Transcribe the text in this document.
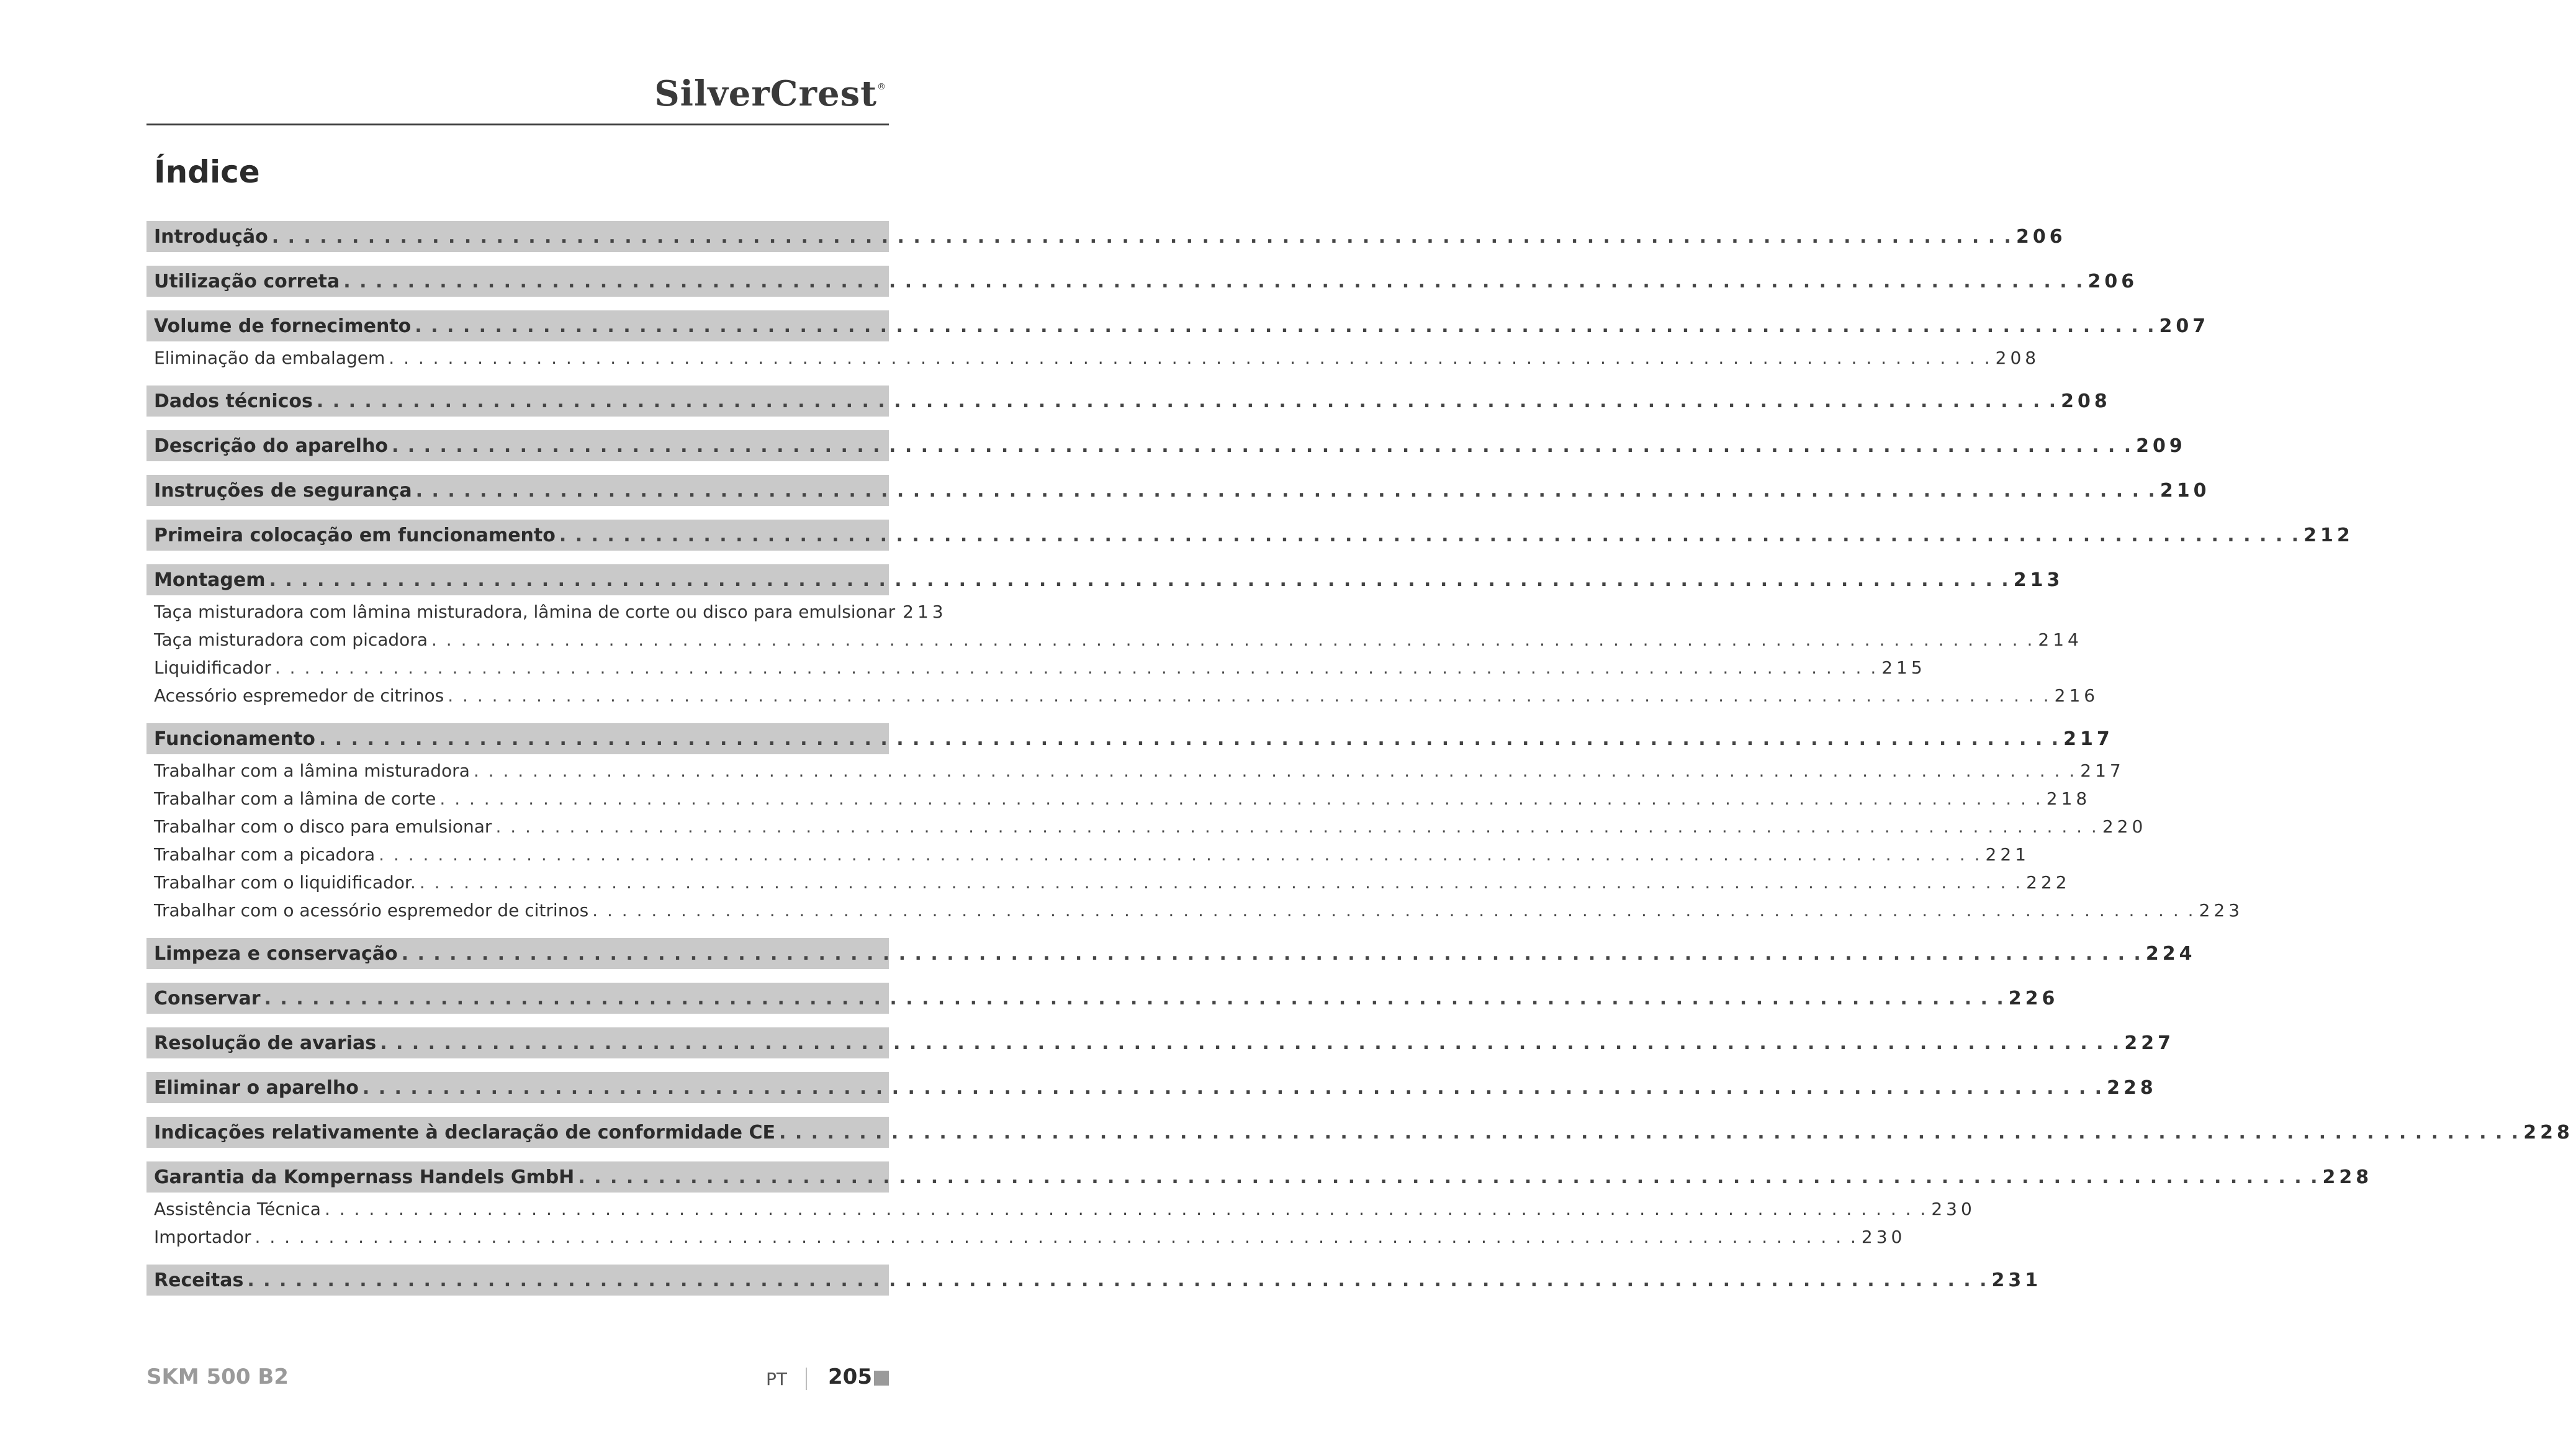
SilverCrest®
Índice
Introdução . . .	206
Utilização correta . . .	206
Volume de fornecimento . . .	207
Eliminação da embalagem . . .	208
Dados técnicos . . .	208
Descrição do aparelho . . .	209
Instruções de segurança . . .	210
Primeira colocação em funcionamento . . .	212
Montagem . . .	213
Taça misturadora com lâmina misturadora, lâmina de corte ou disco para emulsionar 213
Taça misturadora com picadora . . .	214
Liquidificador . . .	215
Acessório espremedor de citrinos . . .	216
Funcionamento . . .	217
Trabalhar com a lâmina misturadora . . .	217
Trabalhar com a lâmina de corte . . .	218
Trabalhar com o disco para emulsionar . . .	220
Trabalhar com a picadora . . .	221
Trabalhar com o liquidificador. . . .	222
Trabalhar com o acessório espremedor de citrinos . . .	223
Limpeza e conservação . . .	224
Conservar . . .	226
Resolução de avarias . . .	227
Eliminar o aparelho . . .	228
Indicações relativamente à declaração de conformidade CE . . .	228
Garantia da Kompernass Handels GmbH . . .	228
Assistência Técnica . . .	230
Importador . . .	230
Receitas . . .	231
SKM 500 B2	PT 205
